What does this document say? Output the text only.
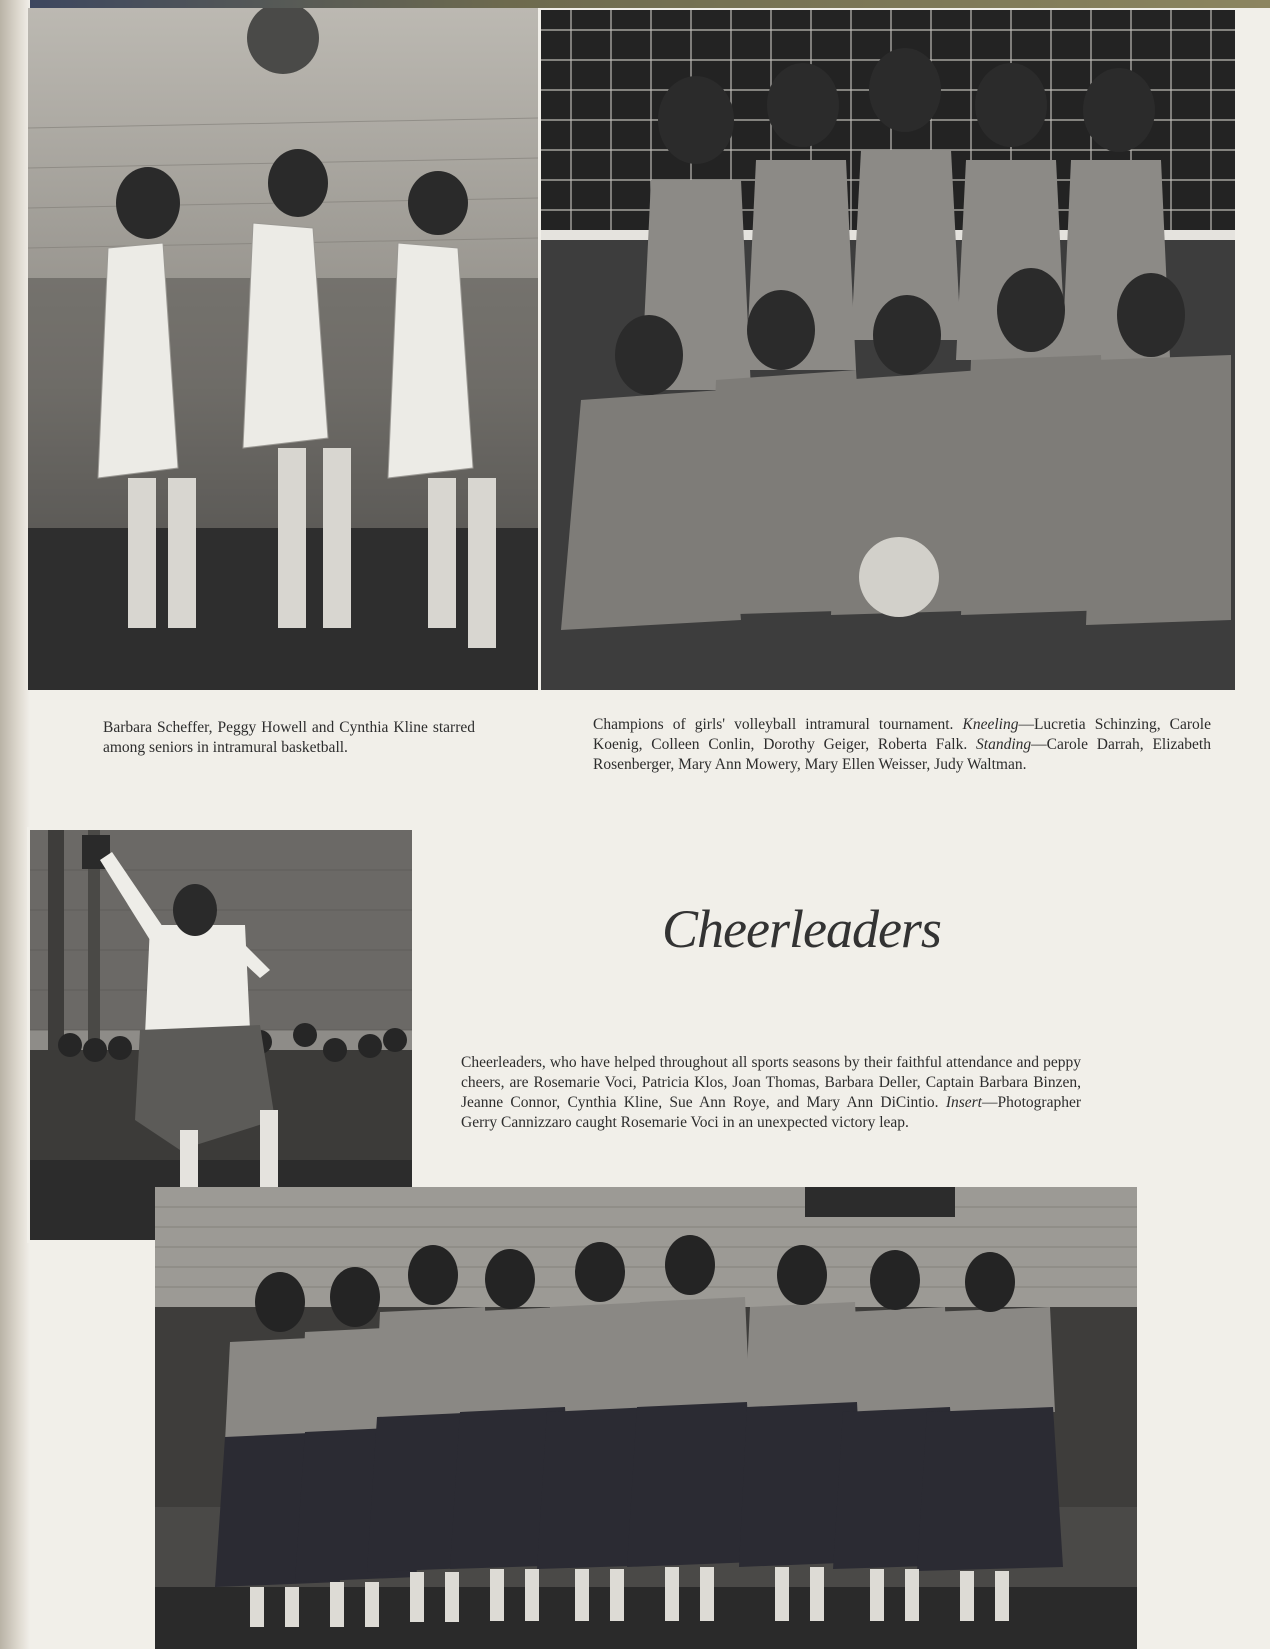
Barbara Scheffer, Peggy Howell and Cynthia Kline starred among seniors in intramural basketball.

Champions of girls' volleyball intramural tournament. Kneeling—Lucretia Schinzing, Carole Koenig, Colleen Conlin, Dorothy Geiger, Roberta Falk. Standing—Carole Darrah, Elizabeth Rosenberger, Mary Ann Mowery, Mary Ellen Weisser, Judy Waltman.

Cheerleaders

Cheerleaders, who have helped throughout all sports seasons by their faithful attendance and peppy cheers, are Rosemarie Voci, Patricia Klos, Joan Thomas, Barbara Deller, Captain Barbara Binzen, Jeanne Connor, Cynthia Kline, Sue Ann Roye, and Mary Ann DiCintio. Insert—Photographer Gerry Cannizzaro caught Rosemarie Voci in an unexpected victory leap.
